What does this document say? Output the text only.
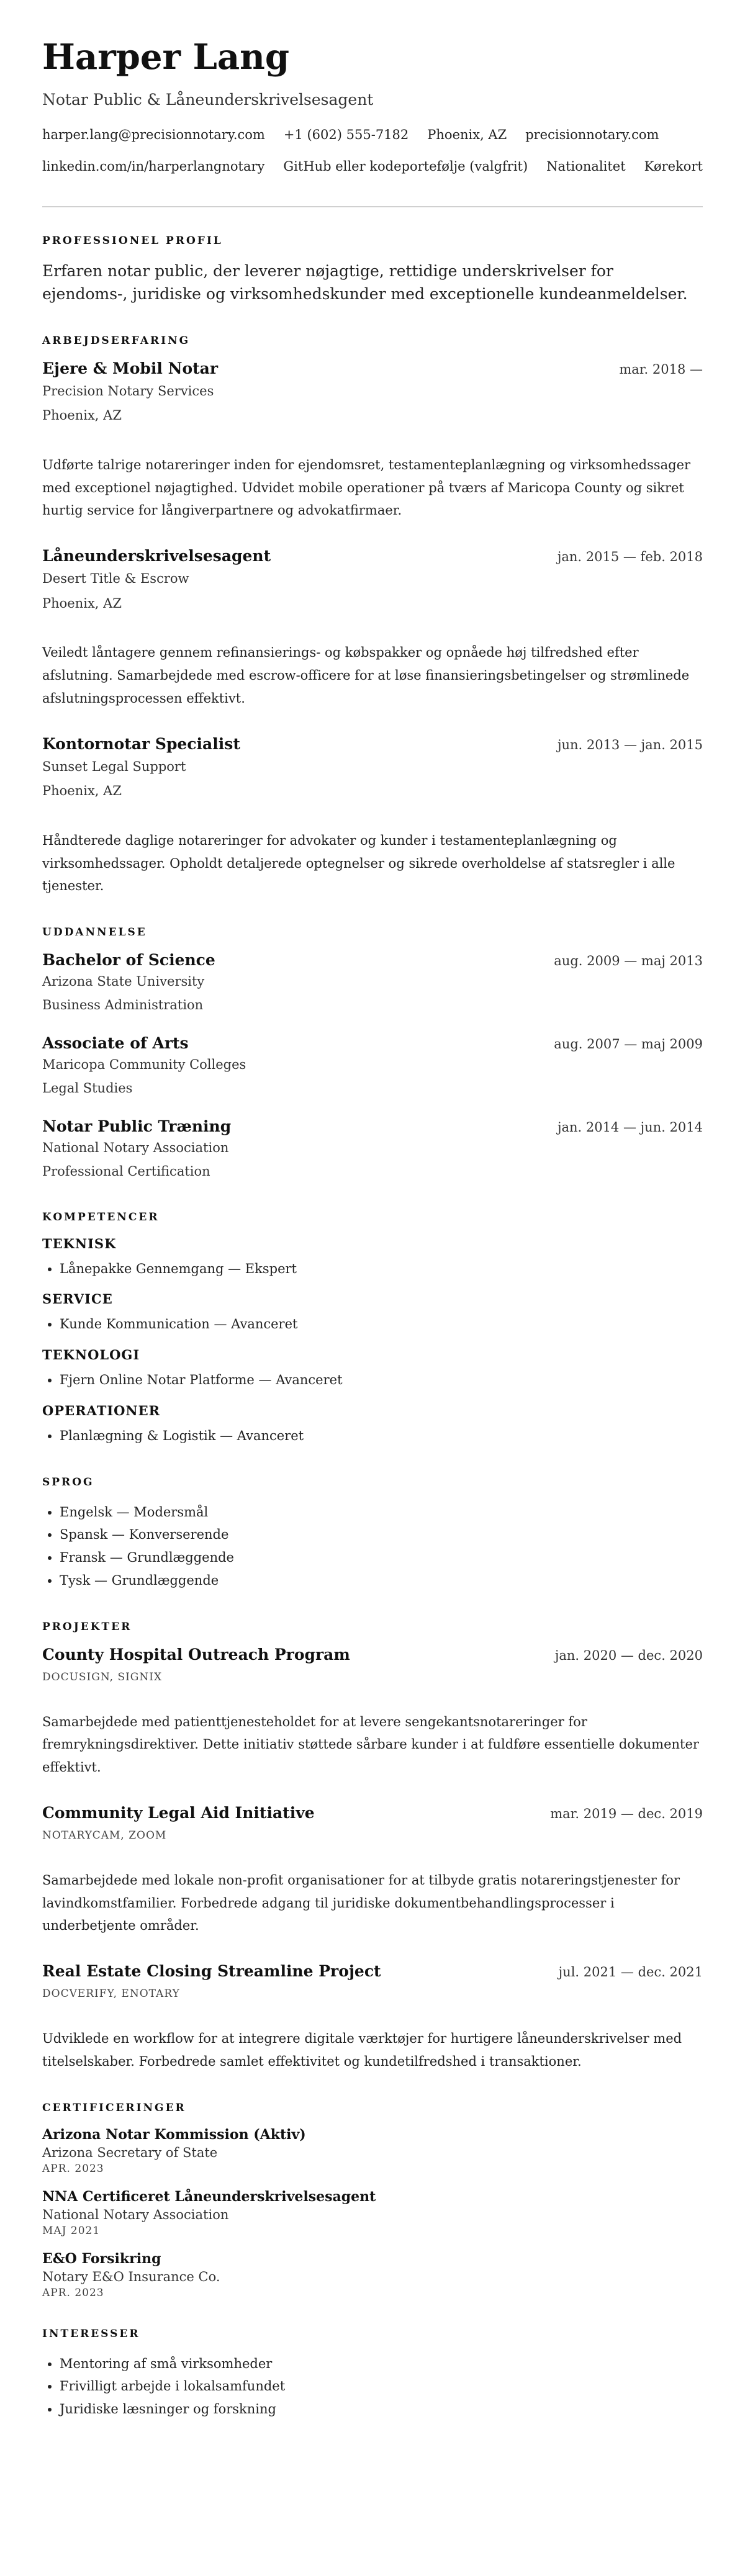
Harper Lang
Notar Public & Låneunderskrivelsesagent
harper.lang@precisionnotary.com +1 (602) 555-7182 Phoenix, AZ precisionnotary.com
linkedin.com/in/harperlangnotary GitHub eller kodeportefølje (valgfrit) Nationalitet Kørekort
PROFESSIONEL PROFIL

Erfaren notar public, der leverer nøjagtige, rettidige underskrivelser for ejendoms-, juridiske og virksomhedskunder med exceptionelle kundeanmeldelser.

ARBEJDSERFARING
Ejere & Mobil Notar	mar. 2018 —
Precision Notary Services
Phoenix, AZ
Udførte talrige notareringer inden for ejendomsret, testamenteplanlægning og virksomhedssager med exceptionel nøjagtighed. Udvidet mobile operationer på tværs af Maricopa County og sikret hurtig service for långiverpartnere og advokatfirmaer.
Låneunderskrivelsesagent	jan. 2015 — feb. 2018
Desert Title & Escrow
Phoenix, AZ
Veiledt låntagere gennem refinansierings- og købspakker og opnåede høj tilfredshed efter afslutning. Samarbejdede med escrow-officere for at løse finansieringsbetingelser og strømlinede afslutningsprocessen effektivt.
Kontornotar Specialist	jun. 2013 — jan. 2015
Sunset Legal Support
Phoenix, AZ
Håndterede daglige notareringer for advokater og kunder i testamenteplanlægning og virksomhedssager. Opholdt detaljerede optegnelser og sikrede overholdelse af statsregler i alle tjenester.
UDDANNELSE
Bachelor of Science	aug. 2009 — maj 2013
Arizona State University
Business Administration
Associate of Arts	aug. 2007 — maj 2009
Maricopa Community Colleges
Legal Studies
Notar Public Træning	jan. 2014 — jun. 2014
National Notary Association
Professional Certification
KOMPETENCER
TEKNISK
• Lånepakke Gennemgang — Ekspert
SERVICE
• Kunde Kommunication — Avanceret
TEKNOLOGI
• Fjern Online Notar Platforme — Avanceret
OPERATIONER
• Planlægning & Logistik — Avanceret
SPROG
• Engelsk — Modersmål
• Spansk — Konverserende
• Fransk — Grundlæggende
• Tysk — Grundlæggende
PROJEKTER
County Hospital Outreach Program	jan. 2020 — dec. 2020
DOCUSIGN, SIGNIX
Samarbejdede med patienttjenesteholdet for at levere sengekantsnotareringer for fremrykningsdirektiver. Dette initiativ støttede sårbare kunder i at fuldføre essentielle dokumenter effektivt.
Community Legal Aid Initiative	mar. 2019 — dec. 2019
NOTARYCAM, ZOOM
Samarbejdede med lokale non-profit organisationer for at tilbyde gratis notareringstjenester for lavindkomstfamilier. Forbedrede adgang til juridiske dokumentbehandlingsprocesser i underbetjente områder.
Real Estate Closing Streamline Project	jul. 2021 — dec. 2021
DOCVERIFY, ENOTARY
Udviklede en workflow for at integrere digitale værktøjer for hurtigere låneunderskrivelser med titelselskaber. Forbedrede samlet effektivitet og kundetilfredshed i transaktioner.
CERTIFICERINGER
Arizona Notar Kommission (Aktiv)
Arizona Secretary of State
APR. 2023
NNA Certificeret Låneunderskrivelsesagent
National Notary Association
MAJ 2021
E&O Forsikring
Notary E&O Insurance Co.
APR. 2023
INTERESSER
• Mentoring af små virksomheder
• Frivilligt arbejde i lokalsamfundet
• Juridiske læsninger og forskning
